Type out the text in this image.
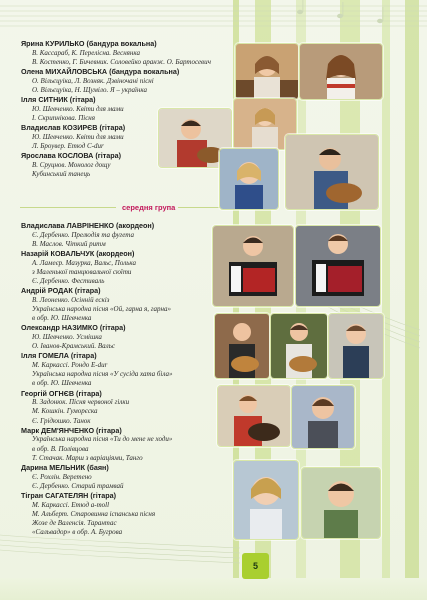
Ярина КУРИЛЬКО (бандура вокальна)
В. Кассараб, К. Перелісна. Веснянка
В. Костенко, Г. Бичевник. Соловейко аранж. О. Бартосевич
Олена МИХАЙЛОВСЬКА (бандура вокальна)
О. Вільєцуіка, Л. Возняк. Дзвіночані пісні
О. Вільєцуіка, Н. Щуміло. Я – українка
Ілля СИТНИК (гітара)
Ю. Шевченко. Квіти для мами
І. Скрипнікова. Пісня
Владислав КОЗИРЄВ (гітара)
Ю. Шевченко. Квіти для мами
Л. Броувер. Етюд C-dur
Ярослава КОСЛОВА (гітара)
В. Сруцнов. Монолог дощу
Кубинський танець
середня група
Владислава ЛАВРІНЕНКО (акордеон)
Є. Дербенко. Прелюдія та фугета
В. Маслов. Чіткий ритм
Назарій КОВАЛЬЧУК (акордеон)
А. Ламеєр. Мазурка, Вальс, Полька
з Маленької танцювальної сюїти
Є. Дербенко. Фестиваль
Андрій РОДАК (гітара)
В. Леоненко. Осінній ескіз
Українська народна пісня «Ой, гарна я, гарна»
в обр. Ю. Шевченка
Олександр НАЗИМКО (гітара)
Ю. Шевченко. Усмішка
О. Іванов-Крамський. Вальс
Ілля ГОМЕЛА (гітара)
М. Каркассі. Рондо E-dur
Українська народна пісня «У сусіда хата біла»
в обр. Ю. Шевченка
Георгій ОГНЄВ (гітара)
В. Задонюк. Пісня червоної гілки
М. Кошкін. Гуморєска
Є. Грідюшко. Танок
Марк ДЕМ'ЯНЧЕНКО (гітара)
Українська народна пісня «Ти до мене не ходи»
в обр. В. Полівцова
Т. Стачак. Марш з варіаціями, Танго
Дарина МЕЛЬНИК (баян)
Є. Рохлін. Веретено
Є. Дербенко. Старий трамвай
Тігран САГАТЕЛЯН (гітара)
М. Каркассі. Етюд a-moll
М. Альберт. Старовинна іспанська пісня
Жозе де Валенсія. Тарантас
«Сальвадор» в обр. А. Бугрова
5
